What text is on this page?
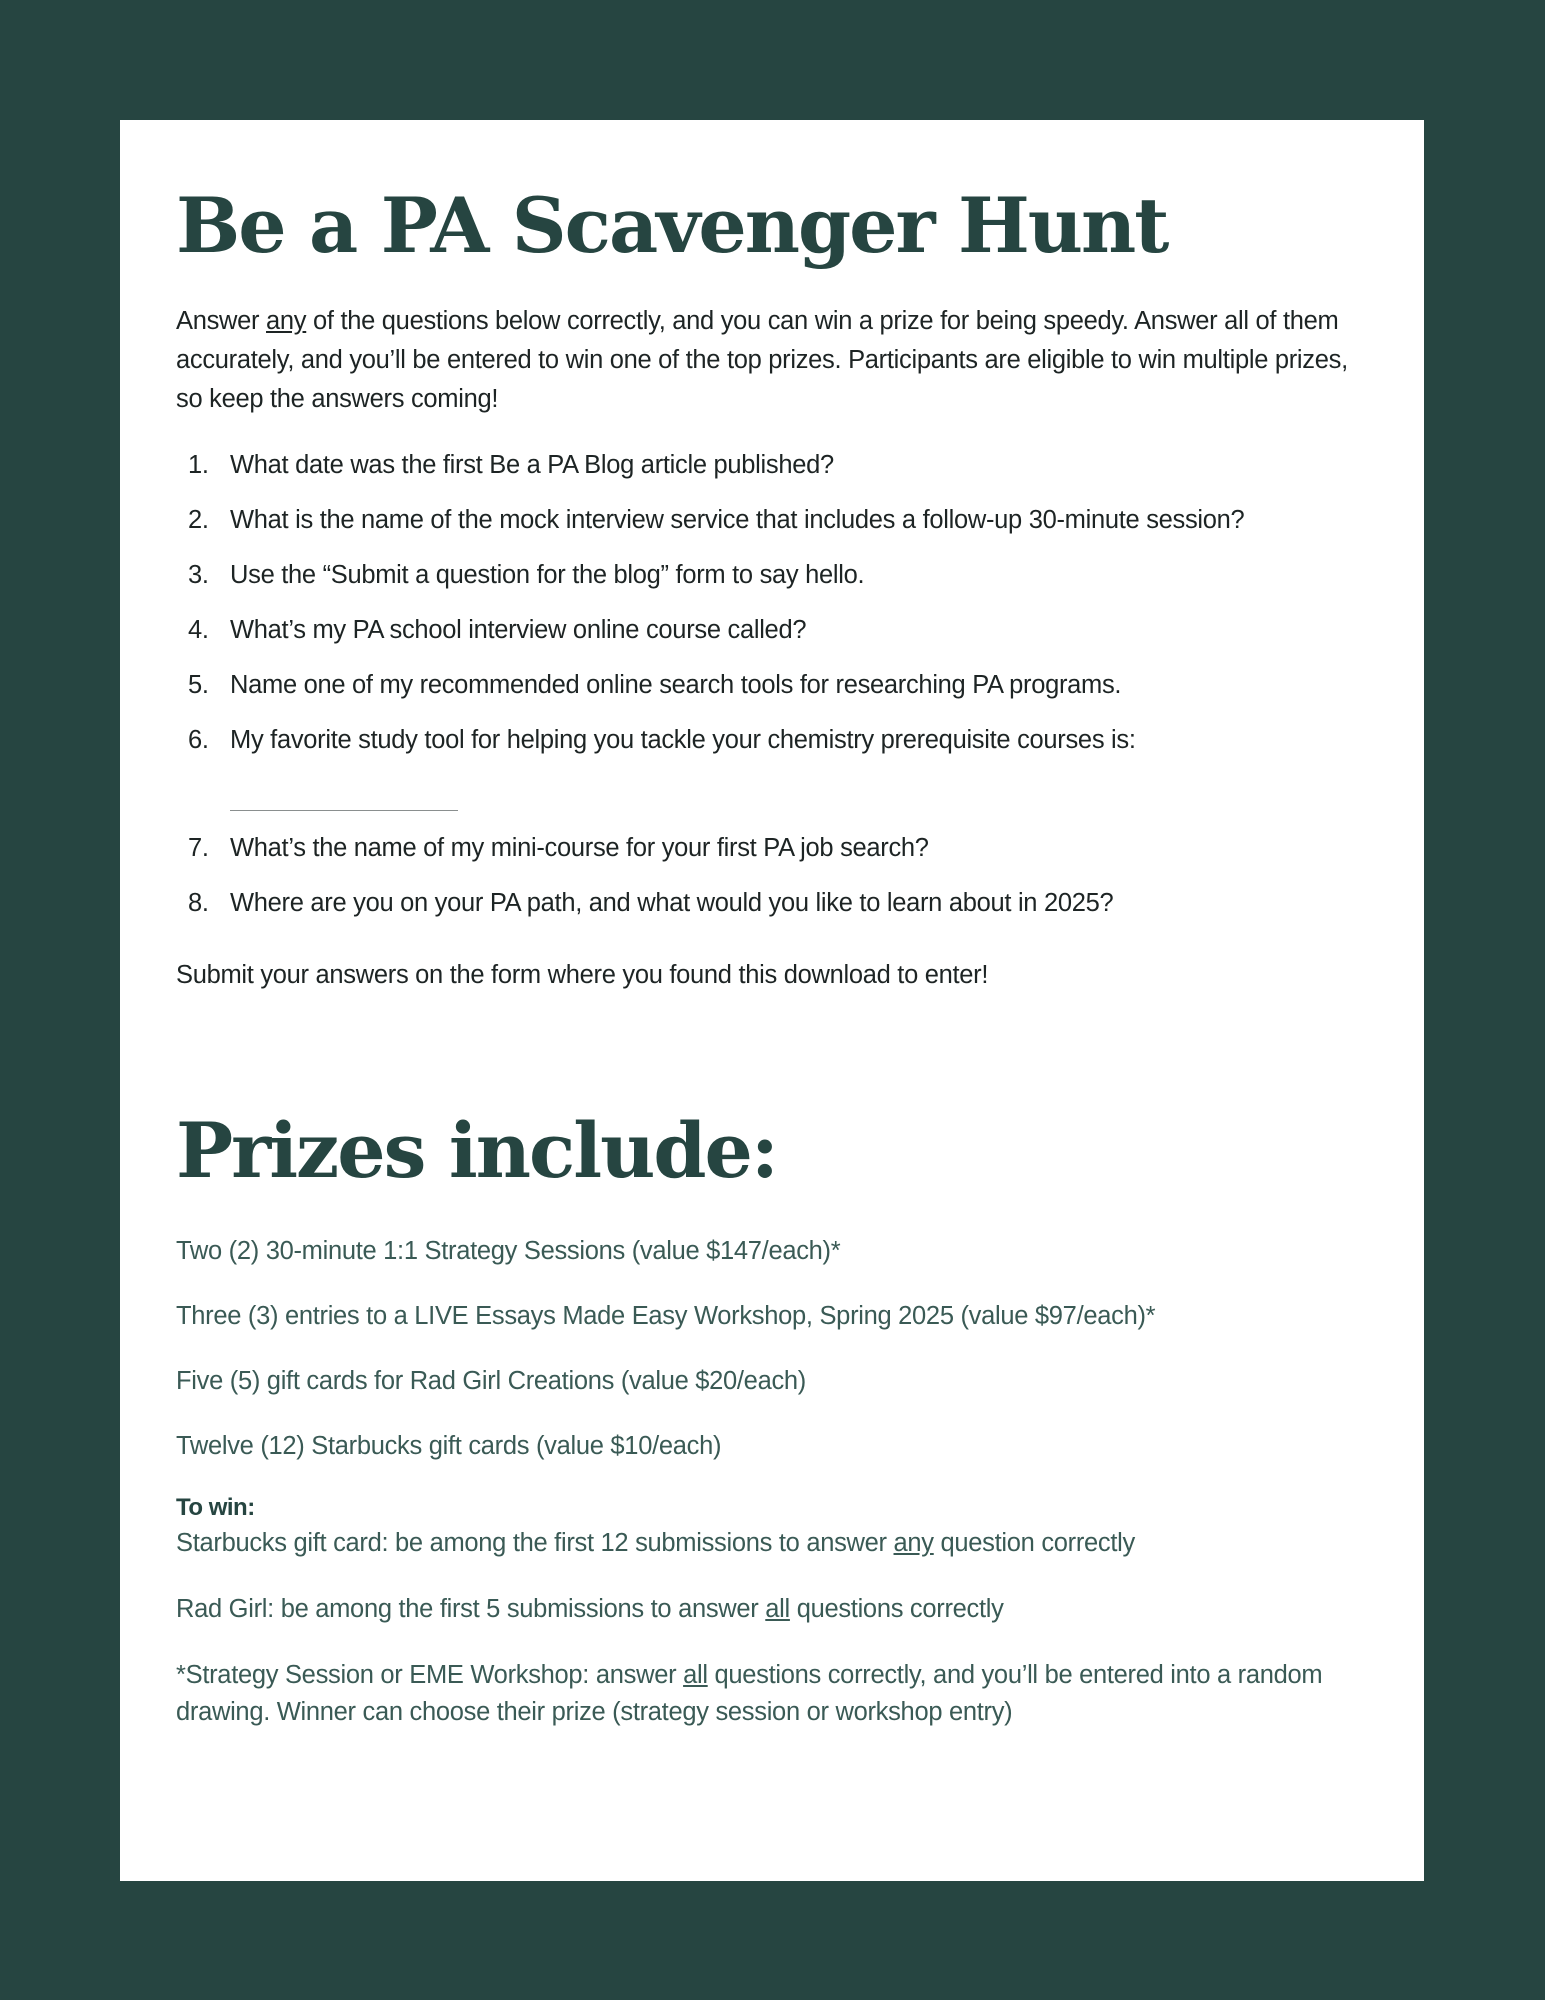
Be a PA Scavenger Hunt

Answer any of the questions below correctly, and you can win a prize for being speedy. Answer all of them accurately, and you’ll be entered to win one of the top prizes. Participants are eligible to win multiple prizes, so keep the answers coming!

1. What date was the first Be a PA Blog article published?
2. What is the name of the mock interview service that includes a follow-up 30-minute session?
3. Use the “Submit a question for the blog” form to say hello.
4. What’s my PA school interview online course called?
5. Name one of my recommended online search tools for researching PA programs.
6. My favorite study tool for helping you tackle your chemistry prerequisite courses is:
7. What’s the name of my mini-course for your first PA job search?
8. Where are you on your PA path, and what would you like to learn about in 2025?

Submit your answers on the form where you found this download to enter!

Prizes include:
Two (2) 30-minute 1:1 Strategy Sessions (value $147/each)*
Three (3) entries to a LIVE Essays Made Easy Workshop, Spring 2025 (value $97/each)*
Five (5) gift cards for Rad Girl Creations (value $20/each)
Twelve (12) Starbucks gift cards (value $10/each)
To win:

Starbucks gift card: be among the first 12 submissions to answer any question correctly

Rad Girl: be among the first 5 submissions to answer all questions correctly

*Strategy Session or EME Workshop: answer all questions correctly, and you’ll be entered into a random drawing. Winner can choose their prize (strategy session or workshop entry)
